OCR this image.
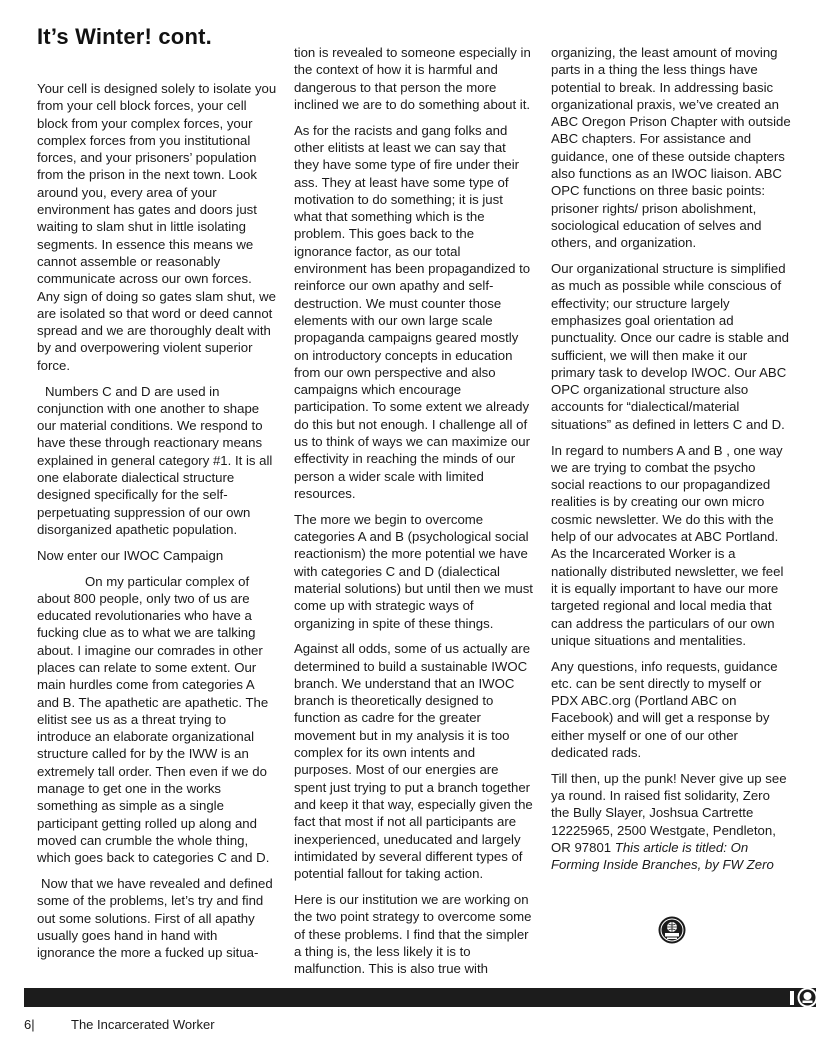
It’s Winter! cont.

Your cell is designed solely to isolate you from your cell block forces, your cell block from your complex forces, your complex forces from you institutional forces, and your prisoners’ population from the prison in the next town. Look around you, every area of your environment has gates and doors just waiting to slam shut in little isolating segments. In essence this means we cannot assemble or reasonably communicate across our own forces. Any sign of doing so gates slam shut, we are isolated so that word or deed cannot spread and we are thoroughly dealt with by and overpowering violent superior force.

Numbers C and D are used in conjunction with one another to shape our material conditions. We respond to have these through reactionary means explained in general category #1. It is all one elaborate dialectical structure designed specifically for the self-perpetuating suppression of our own disorganized apathetic population.

Now enter our IWOC Campaign

On my particular complex of about 800 people, only two of us are educated revolutionaries who have a fucking clue as to what we are talking about. I imagine our comrades in other places can relate to some extent. Our main hurdles come from categories A and B. The apathetic are apathetic. The elitist see us as a threat trying to introduce an elaborate organizational structure called for by the IWW is an extremely tall order. Then even if we do manage to get one in the works something as simple as a single participant getting rolled up along and moved can crumble the whole thing, which goes back to categories C and D.

Now that we have revealed and defined some of the problems, let’s try and find out some solutions. First of all apathy usually goes hand in hand with ignorance the more a fucked up situa-

tion is revealed to someone especially in the context of how it is harmful and dangerous to that person the more inclined we are to do something about it.

As for the racists and gang folks and other elitists at least we can say that they have some type of fire under their ass. They at least have some type of motivation to do something; it is just what that something which is the problem. This goes back to the ignorance factor, as our total environment has been propagandized to reinforce our own apathy and self-destruction. We must counter those elements with our own large scale propaganda campaigns geared mostly on introductory concepts in education from our own perspective and also campaigns which encourage participation. To some extent we already do this but not enough. I challenge all of us to think of ways we can maximize our effectivity in reaching the minds of our person a wider scale with limited resources.

The more we begin to overcome categories A and B (psychological social reactionism) the more potential we have with categories C and D (dialectical material solutions) but until then we must come up with strategic ways of organizing in spite of these things.

Against all odds, some of us actually are determined to build a sustainable IWOC branch. We understand that an IWOC branch is theoretically designed to function as cadre for the greater movement but in my analysis it is too complex for its own intents and purposes. Most of our energies are spent just trying to put a branch together and keep it that way, especially given the fact that most if not all participants are inexperienced, uneducated and largely intimidated by several different types of potential fallout for taking action.

Here is our institution we are working on the two point strategy to overcome some of these problems. I find that the simpler a thing is, the less likely it is to malfunction. This is also true with

organizing, the least amount of moving parts in a thing the less things have potential to break. In addressing basic organizational praxis, we’ve created an ABC Oregon Prison Chapter with outside ABC chapters. For assistance and guidance, one of these outside chapters also functions as an IWOC liaison. ABC OPC functions on three basic points: prisoner rights/ prison abolishment, sociological education of selves and others, and organization.

Our organizational structure is simplified as much as possible while conscious of effectivity; our structure largely emphasizes goal orientation ad punctuality. Once our cadre is stable and sufficient, we will then make it our primary task to develop IWOC. Our ABC OPC organizational structure also accounts for “dialectical/material situations” as defined in letters C and D.

In regard to numbers A and B , one way we are trying to combat the psycho social reactions to our propagandized realities is by creating our own micro cosmic newsletter. We do this with the help of our advocates at ABC Portland. As the Incarcerated Worker is a nationally distributed newsletter, we feel it is equally important to have our more targeted regional and local media that can address the particulars of our own unique situations and mentalities.

Any questions, info requests, guidance etc. can be sent directly to myself or PDX ABC.org (Portland ABC on Facebook) and will get a response by either myself or one of our other dedicated rads.

Till then, up the punk! Never give up see ya round. In raised fist solidarity, Zero the Bully Slayer, Joshsua Cartrette 12225965, 2500 Westgate, Pendleton, OR 97801 This article is titled: On Forming Inside Branches, by FW Zero

6|	The Incarcerated Worker
